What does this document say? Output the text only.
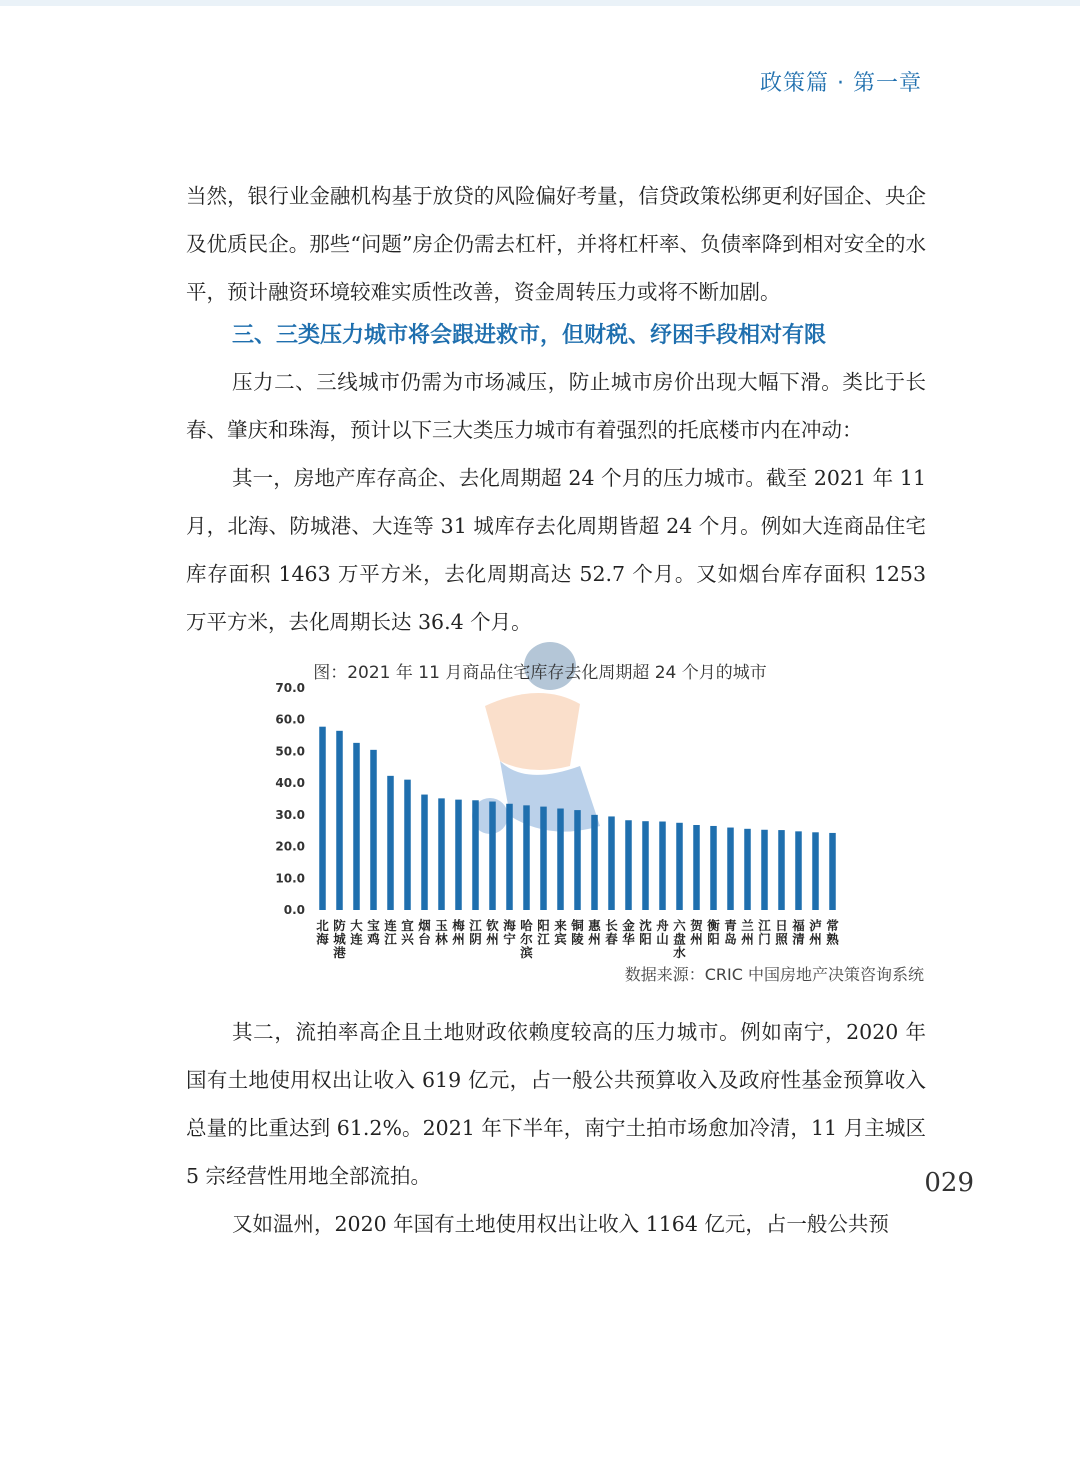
政策篇 · 第一章

当然，银行业金融机构基于放贷的风险偏好考量，信贷政策松绑更利好国企、央企及优质民企。那些“问题”房企仍需去杠杆，并将杠杆率、负债率降到相对安全的水平，预计融资环境较难实质性改善，资金周转压力或将不断加剧。

三、三类压力城市将会跟进救市，但财税、纾困手段相对有限

压力二、三线城市仍需为市场减压，防止城市房价出现大幅下滑。类比于长春、肇庆和珠海，预计以下三大类压力城市有着强烈的托底楼市内在冲动：

其一，房地产库存高企、去化周期超 24 个月的压力城市。截至 2021 年 11 月，北海、防城港、大连等 31 城库存去化周期皆超 24 个月。例如大连商品住宅库存面积 1463 万平方米，去化周期高达 52.7 个月。又如烟台库存面积 1253 万平方米，去化周期长达 36.4 个月。

图：2021 年 11 月商品住宅库存去化周期超 24 个月的城市
70.0
60.0
50.0
40.0
30.0
20.0
10.0
0.0
北海
防城港
大连
宝鸡
连江
宜兴
烟台
玉林
梅州
江阴
钦州
海宁
哈尔滨
阳江
来宾
铜陵
惠州
长春
金华
沈阳
舟山
六盘水
贺州
衡阳
青岛
兰州
江门
日照
福清
泸州
常熟
数据来源：CRIC 中国房地产决策咨询系统

其二，流拍率高企且土地财政依赖度较高的压力城市。例如南宁，2020 年国有土地使用权出让收入 619 亿元，占一般公共预算收入及政府性基金预算收入总量的比重达到 61.2%。2021 年下半年，南宁土拍市场愈加冷清，11 月主城区 5 宗经营性用地全部流拍。

又如温州，2020 年国有土地使用权出让收入 1164 亿元，占一般公共预

029
